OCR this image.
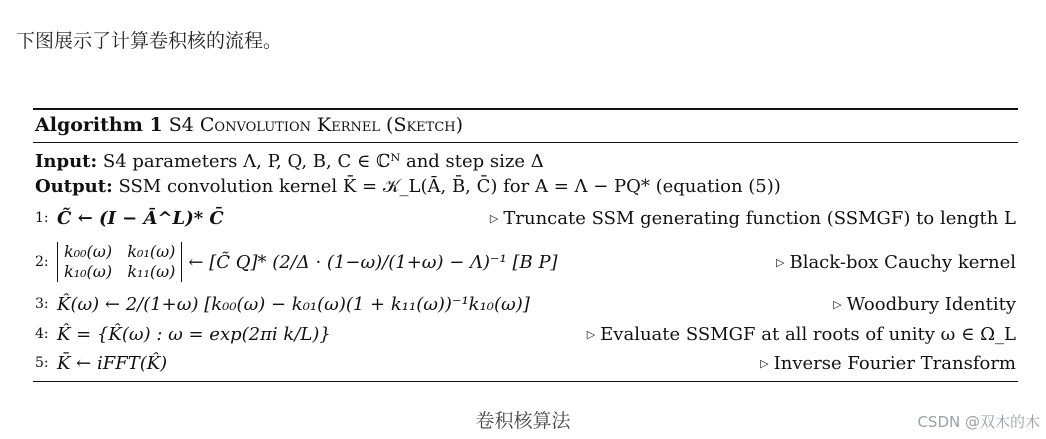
下图展示了计算卷积核的流程。
Algorithm 1 S4 Convolution Kernel (Sketch)
Input: S4 parameters Λ, P, Q, B, C ∈ ℂᴺ and step size Δ
Output: SSM convolution kernel K̄ = 𝒦_L(Ā, B̄, C̄) for A = Λ − PQ* (equation (5))
1: C̃ ← (I − Ā^L)* C̄	▷ Truncate SSM generating function (SSMGF) to length L
2:
k₀₀(ω) k₀₁(ω)
k₁₀(ω) k₁₁(ω) ← [C̃ Q]* (2/Δ · (1−ω)/(1+ω) − Λ)⁻¹ [B P]	▷ Black-box Cauchy kernel
3: K̂(ω) ← 2/(1+ω) [k₀₀(ω) − k₀₁(ω)(1 + k₁₁(ω))⁻¹k₁₀(ω)]	▷ Woodbury Identity
4: K̂ = {K̂(ω) : ω = exp(2πi k/L)}	▷ Evaluate SSMGF at all roots of unity ω ∈ Ω_L
5: K̄ ← iFFT(K̂)	▷ Inverse Fourier Transform
卷积核算法	CSDN @双木的木
